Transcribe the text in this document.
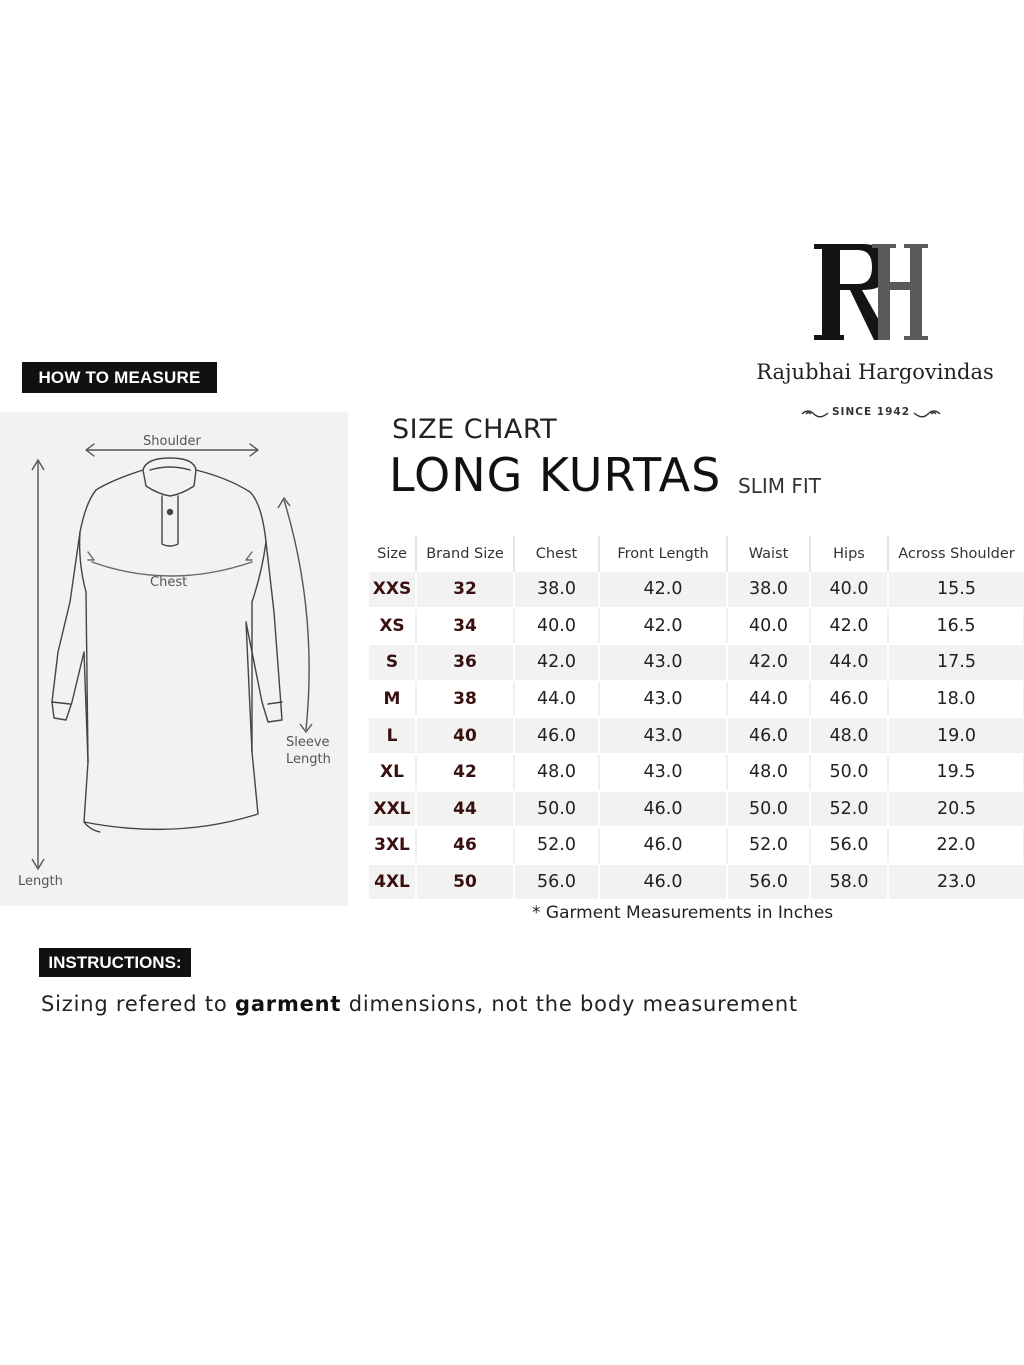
Rajubhai Hargovindas
SINCE 1942
HOW TO MEASURE
Shoulder
Chest
Sleeve
Length
Length
SIZE CHART
LONG KURTAS SLIM FIT
Size	Brand Size	Chest	Front Length	Waist	Hips	Across Shoulder
XXS	32	38.0	42.0	38.0	40.0	15.5
XS	34	40.0	42.0	40.0	42.0	16.5
S	36	42.0	43.0	42.0	44.0	17.5
M	38	44.0	43.0	44.0	46.0	18.0
L	40	46.0	43.0	46.0	48.0	19.0
XL	42	48.0	43.0	48.0	50.0	19.5
XXL	44	50.0	46.0	50.0	52.0	20.5
3XL	46	52.0	46.0	52.0	56.0	22.0
4XL	50	56.0	46.0	56.0	58.0	23.0
* Garment Measurements in Inches
INSTRUCTIONS:
Sizing refered to garment dimensions, not the body measurement
